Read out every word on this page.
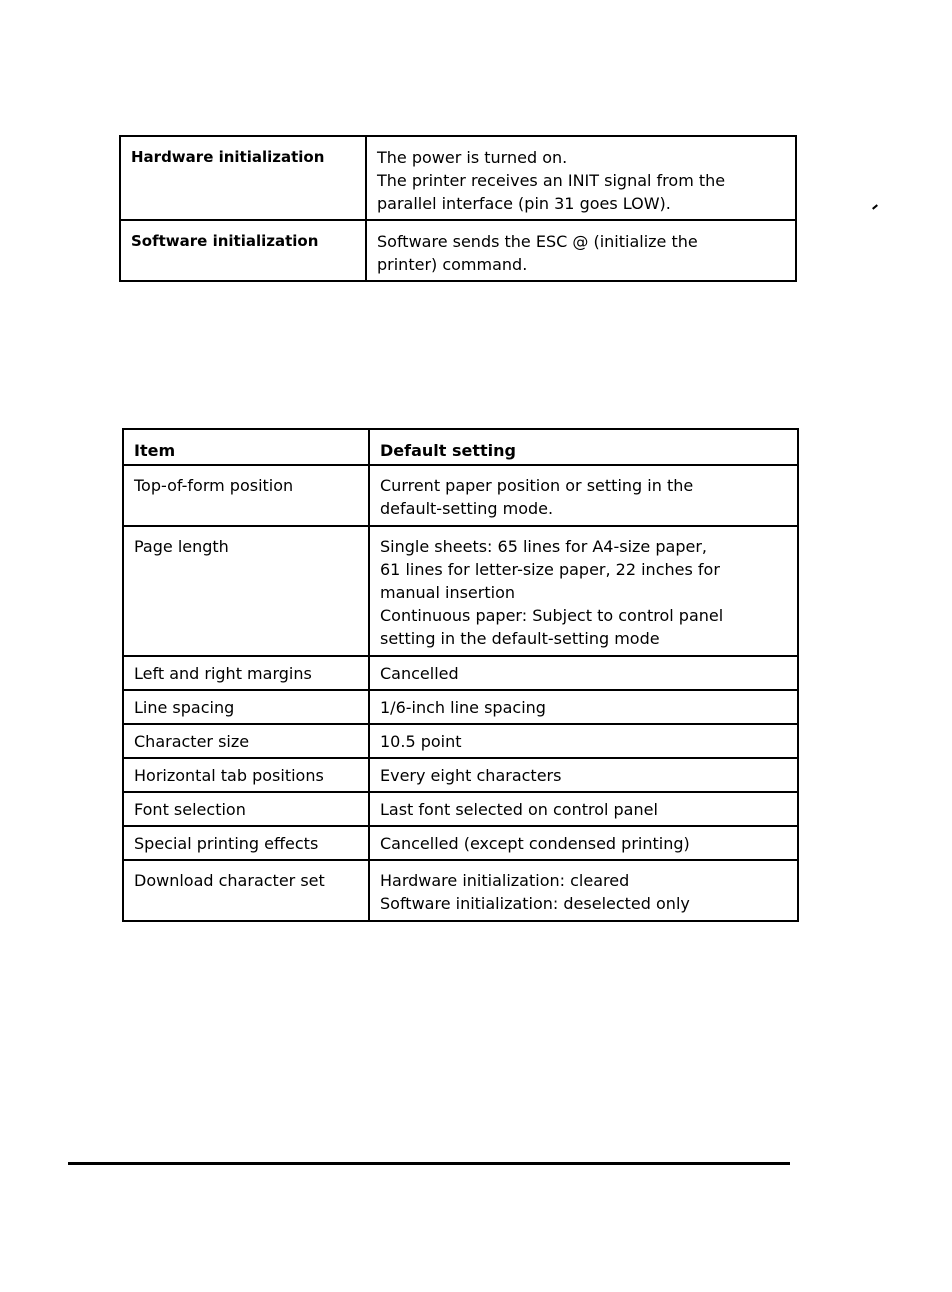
Hardware initialization	The power is turned on.
The printer receives an INIT signal from the
parallel interface (pin 31 goes LOW).

Software initialization	Software sends the ESC @ (initialize the
printer) command.
Item	Default setting
Top-of-form position	Current paper position or setting in the
default-setting mode.

Page length	Single sheets: 65 lines for A4-size paper,
61 lines for letter-size paper, 22 inches for
manual insertion
Continuous paper: Subject to control panel
setting in the default-setting mode

Left and right margins	Cancelled

Line spacing	1/6-inch line spacing

Character size	10.5 point

Horizontal tab positions	Every eight characters

Font selection	Last font selected on control panel

Special printing effects	Cancelled (except condensed printing)

Download character set	Hardware initialization: cleared
Software initialization: deselected only
